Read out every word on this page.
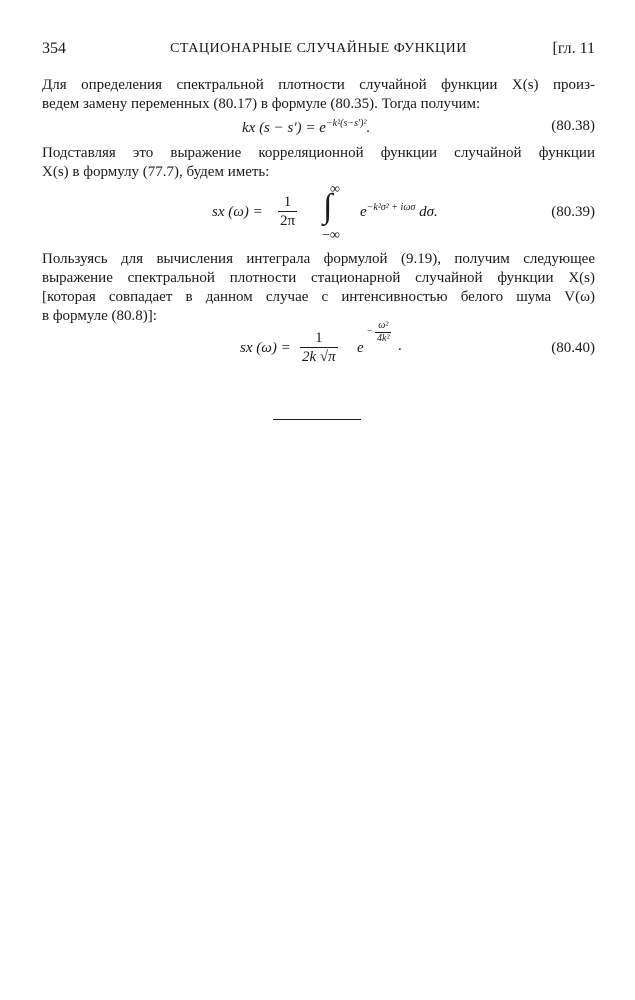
354	СТАЦИОНАРНЫЕ СЛУЧАЙНЫЕ ФУНКЦИИ	[гл. 11
Для определения спектральной плотности случайной функции X(s) произ-
ведем замену переменных (80.17) в формуле (80.35). Тогда получим:
kx $(s - s') = e^{-k^2(s-s')^2}$.	(80.38)
Подставляя это выражение корреляционной функции случайной функции
X(s) в формулу (77.7), будем иметь:
sx $(\omega) = \frac{1}{2\pi}$
∞
∫
−∞
$e^{-k^2\sigma^2 + i\omega\sigma}$ dσ.	(80.39)
Пользуясь для вычисления интеграла формулой (9.19), получим следующее
выражение спектральной плотности стационарной случайной функции X(s)
[которая совпадает в данном случае с интенсивностью белого шума V(ω)
в формуле (80.8)]:
sx $(\omega) = \frac{1}{2k √\pi}$ e
− $\frac{\text{ω²}}{\text{4k²}}$
.	(80.40)
